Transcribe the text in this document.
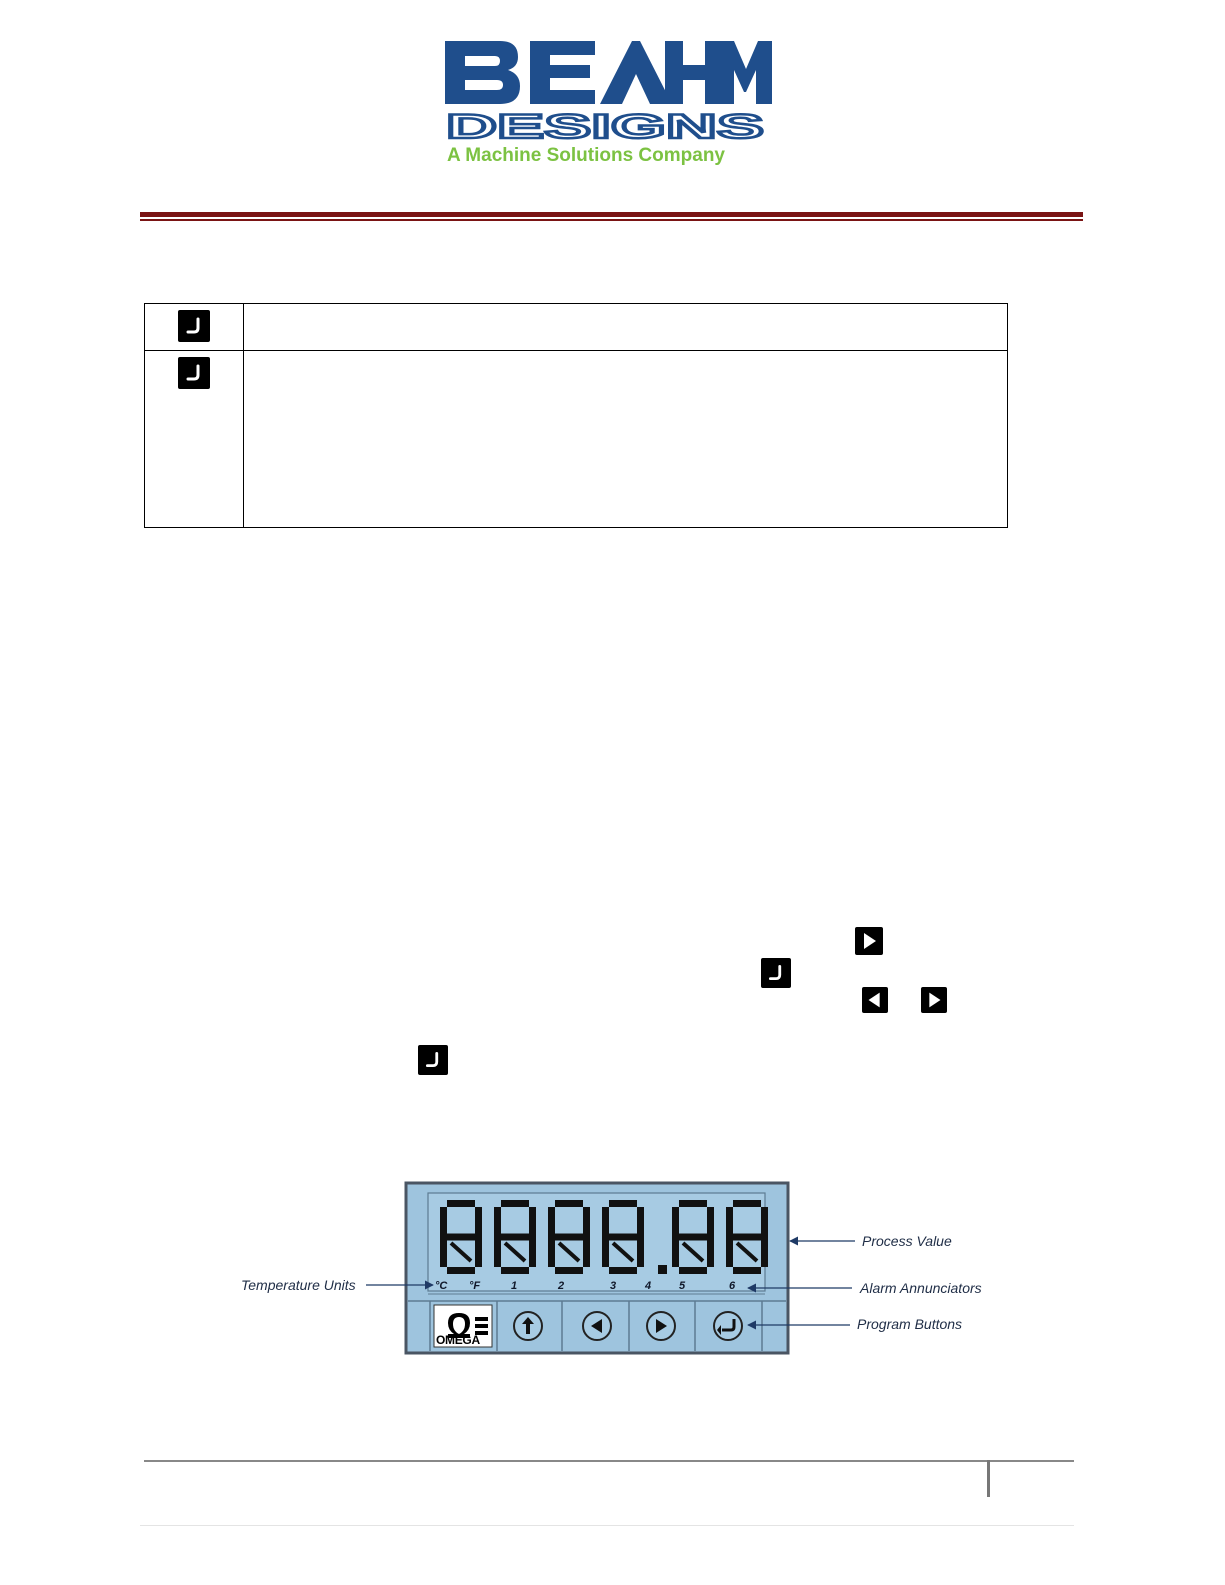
DESIGNS
A Machine Solutions Company

°C °F	1	2	3	4	5	6
OMEGA
Process Value
Alarm Annunciators
Program Buttons
Temperature Units
